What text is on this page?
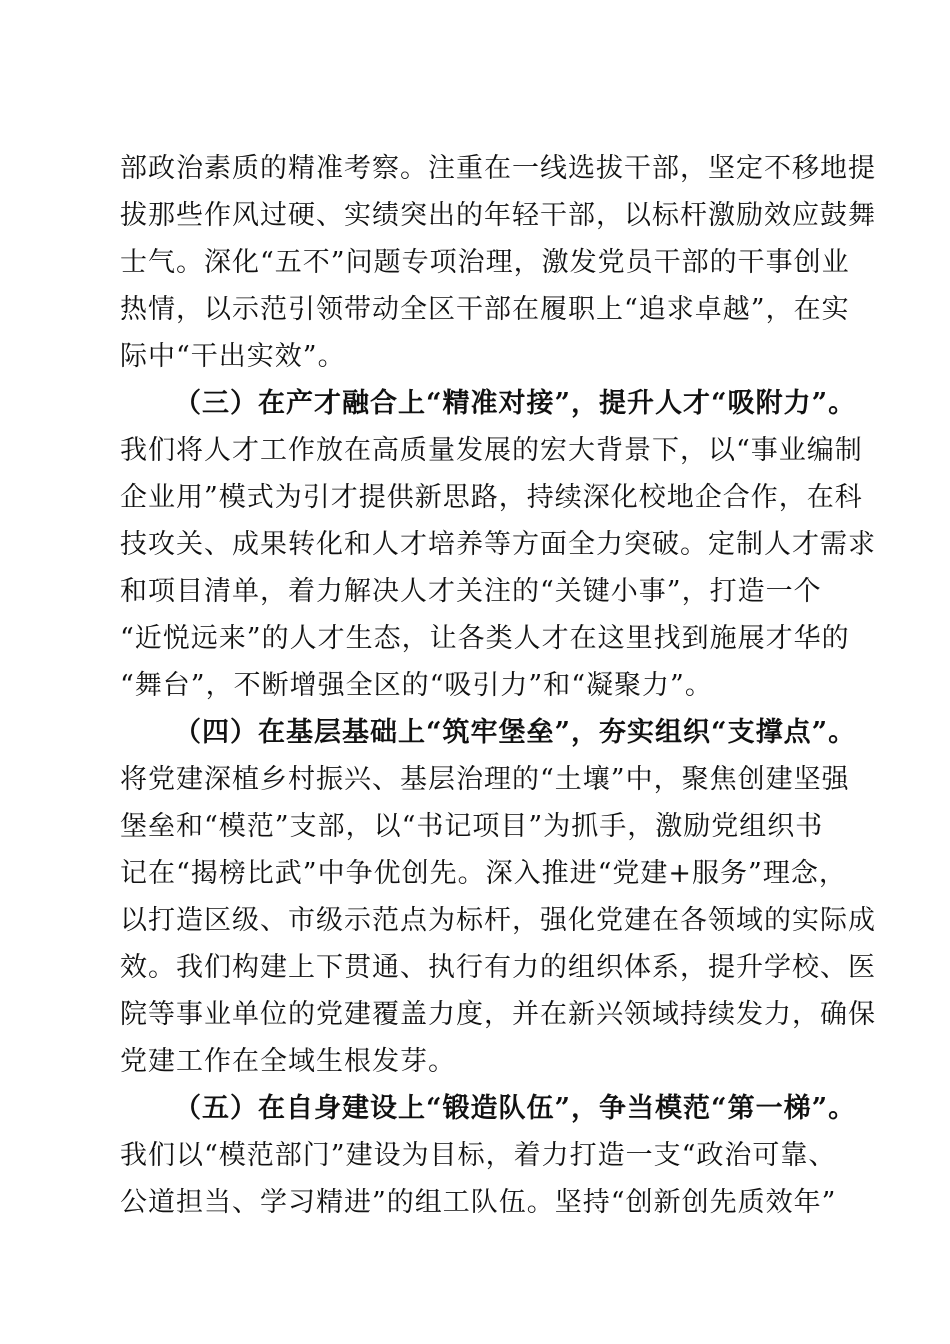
部政治素质的精准考察。注重在一线选拔干部，坚定不移地提
拔那些作风过硬、实绩突出的年轻干部，以标杆激励效应鼓舞
士气。深化“五不”问题专项治理，激发党员干部的干事创业
热情，以示范引领带动全区干部在履职上“追求卓越”，在实
际中“干出实效”。
（三）在产才融合上“精准对接”，提升人才“吸附力”。
我们将人才工作放在高质量发展的宏大背景下，以“事业编制
企业用”模式为引才提供新思路，持续深化校地企合作，在科
技攻关、成果转化和人才培养等方面全力突破。定制人才需求
和项目清单，着力解决人才关注的“关键小事”，打造一个
“近悦远来”的人才生态，让各类人才在这里找到施展才华的
“舞台”，不断增强全区的“吸引力”和“凝聚力”。
（四）在基层基础上“筑牢堡垒”，夯实组织“支撑点”。
将党建深植乡村振兴、基层治理的“土壤”中，聚焦创建坚强
堡垒和“模范”支部，以“书记项目”为抓手，激励党组织书
记在“揭榜比武”中争优创先。深入推进“党建+服务”理念，
以打造区级、市级示范点为标杆，强化党建在各领域的实际成
效。我们构建上下贯通、执行有力的组织体系，提升学校、医
院等事业单位的党建覆盖力度，并在新兴领域持续发力，确保
党建工作在全域生根发芽。
（五）在自身建设上“锻造队伍”，争当模范“第一梯”。
我们以“模范部门”建设为目标，着力打造一支“政治可靠、
公道担当、学习精进”的组工队伍。坚持“创新创先质效年”
